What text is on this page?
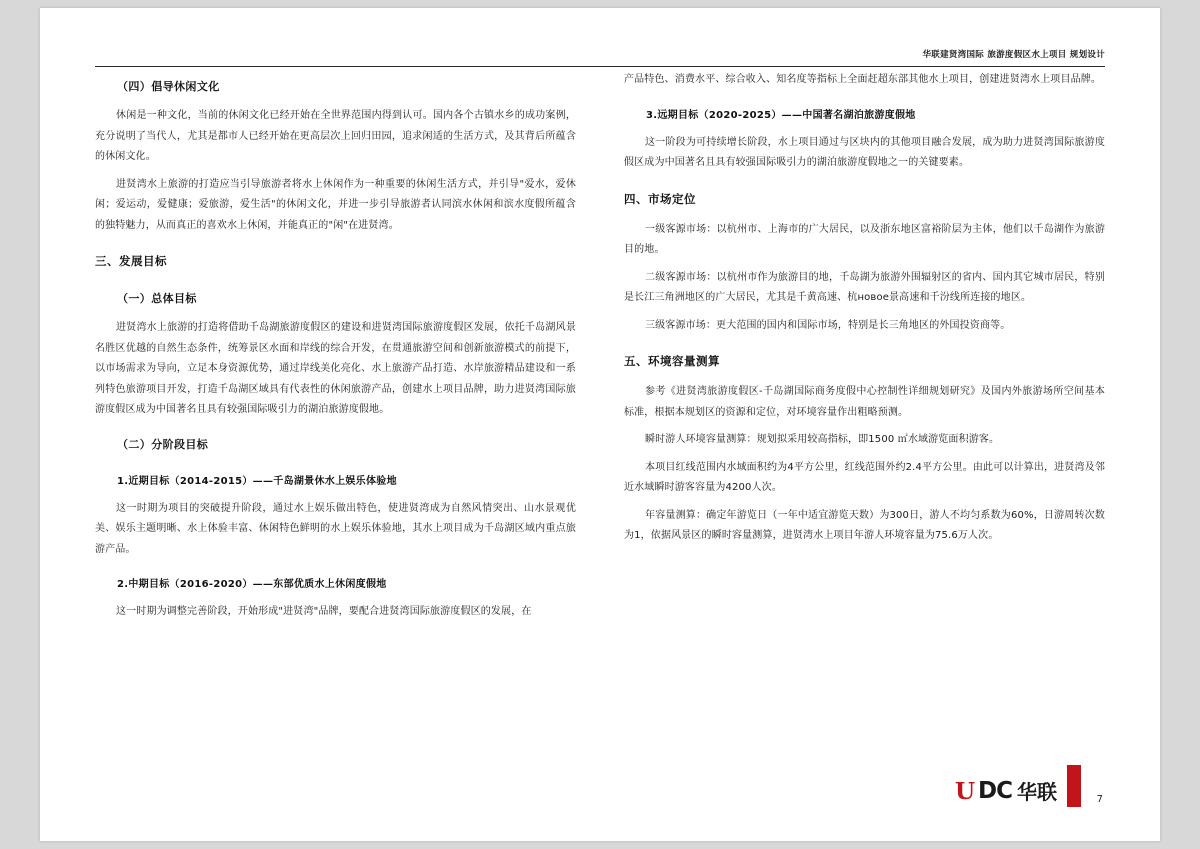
华联建贤湾国际 旅游度假区水上项目 规划设计
（四）倡导休闲文化

休闲是一种文化，当前的休闲文化已经开始在全世界范围内得到认可。国内各个古镇水乡的成功案例，充分说明了当代人，尤其是都市人已经开始在更高层次上回归田园，追求闲适的生活方式，及其背后所蕴含的休闲文化。

进贤湾水上旅游的打造应当引导旅游者将水上休闲作为一种重要的休闲生活方式，并引导"爱水，爱休闲；爱运动，爱健康；爱旅游，爱生活"的休闲文化，并进一步引导旅游者认同滨水休闲和滨水度假所蕴含的独特魅力，从而真正的喜欢水上休闲，并能真正的"闲"在进贤湾。

三、发展目标
（一）总体目标

进贤湾水上旅游的打造将借助千岛湖旅游度假区的建设和进贤湾国际旅游度假区发展，依托千岛湖风景名胜区优越的自然生态条件，统筹景区水面和岸线的综合开发，在贯通旅游空间和创新旅游模式的前提下，以市场需求为导向，立足本身资源优势，通过岸线美化亮化、水上旅游产品打造、水岸旅游精品建设和一系列特色旅游项目开发，打造千岛湖区域具有代表性的休闲旅游产品，创建水上项目品牌，助力进贤湾国际旅游度假区成为中国著名且具有较强国际吸引力的湖泊旅游度假地。

（二）分阶段目标
1.近期目标（2014-2015）——千岛湖景休水上娱乐体验地

这一时期为项目的突破提升阶段，通过水上娱乐做出特色，使进贤湾成为自然风情突出、山水景观优美、娱乐主题明晰、水上体验丰富、休闲特色鲜明的水上娱乐体验地，其水上项目成为千岛湖区域内重点旅游产品。

2.中期目标（2016-2020）——东部优质水上休闲度假地

这一时期为调整完善阶段，开始形成"进贤湾"品牌，要配合进贤湾国际旅游度假区的发展，在

产品特色、消费水平、综合收入、知名度等指标上全面赶超东部其他水上项目，创建进贤湾水上项目品牌。

3.远期目标（2020-2025）——中国著名湖泊旅游度假地

这一阶段为可持续增长阶段，水上项目通过与区块内的其他项目融合发展，成为助力进贤湾国际旅游度假区成为中国著名且具有较强国际吸引力的湖泊旅游度假地之一的关键要素。

四、市场定位

一级客源市场：以杭州市、上海市的广大居民，以及浙东地区富裕阶层为主体，他们以千岛湖作为旅游目的地。

二级客源市场：以杭州市作为旅游目的地，千岛湖为旅游外围辐射区的省内、国内其它城市居民，特别是长江三角洲地区的广大居民，尤其是千黄高速、杭новое景高速和千汾线所连接的地区。

三级客源市场：更大范围的国内和国际市场，特别是长三角地区的外国投资商等。

五、环境容量测算

参考《进贤湾旅游度假区-千岛湖国际商务度假中心控制性详细规划研究》及国内外旅游场所空间基本标准，根据本规划区的资源和定位，对环境容量作出粗略预测。

瞬时游人环境容量测算：规划拟采用较高指标，即1500 ㎡水域游览面积游客。

本项目红线范围内水域面积约为4平方公里，红线范围外约2.4平方公里。由此可以计算出，进贤湾及邻近水域瞬时游客容量为4200人次。

年容量测算：确定年游览日（一年中适宜游览天数）为300日，游人不均匀系数为60%，日游周转次数为1，依据风景区的瞬时容量测算，进贤湾水上项目年游人环境容量为75.6万人次。

U DC 华联	7
